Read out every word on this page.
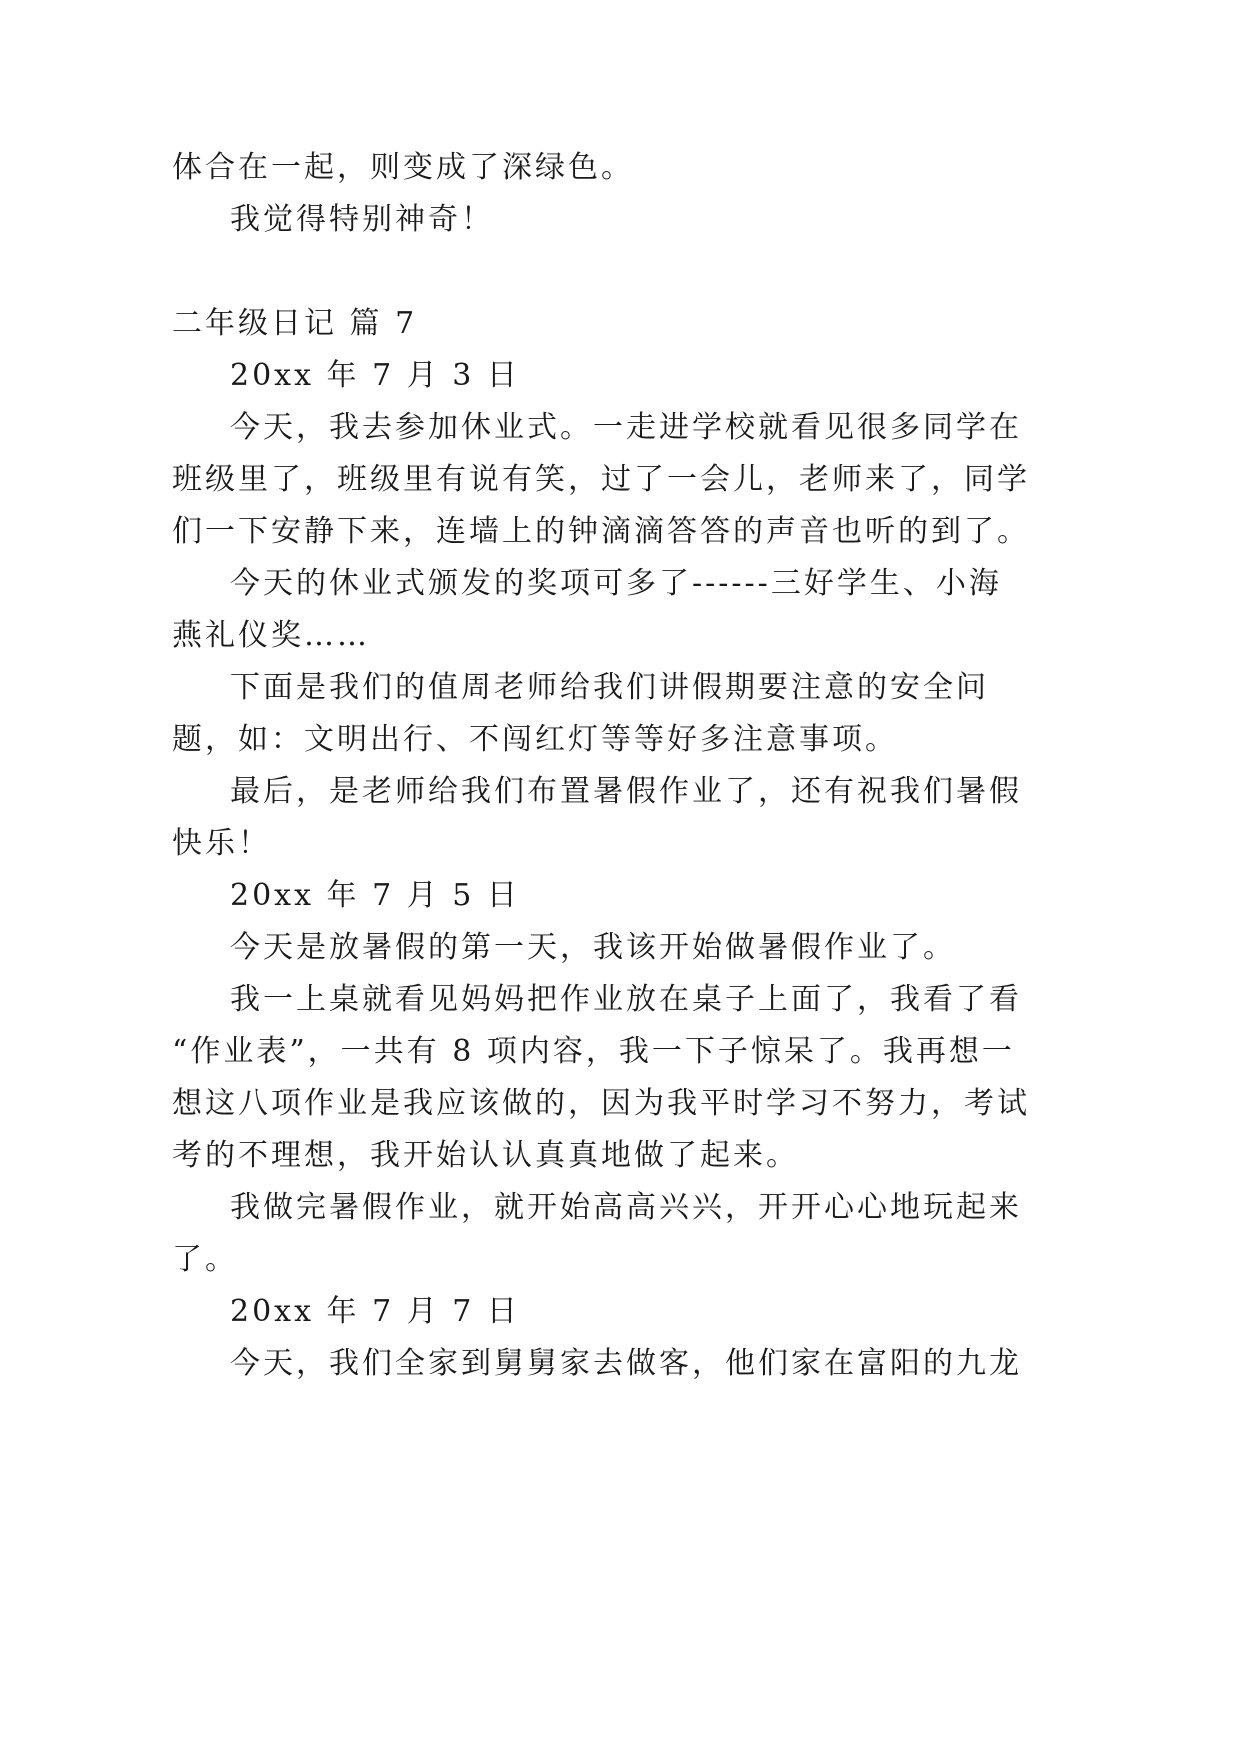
体合在一起，则变成了深绿色。
我觉得特别神奇！
二年级日记 篇 7
20xx 年 7 月 3 日
今天，我去参加休业式。一走进学校就看见很多同学在
班级里了，班级里有说有笑，过了一会儿，老师来了，同学
们一下安静下来，连墙上的钟滴滴答答的声音也听的到了。
今天的休业式颁发的奖项可多了------三好学生、小海
燕礼仪奖……
下面是我们的值周老师给我们讲假期要注意的安全问
题，如：文明出行、不闯红灯等等好多注意事项。
最后，是老师给我们布置暑假作业了，还有祝我们暑假
快乐！
20xx 年 7 月 5 日
今天是放暑假的第一天，我该开始做暑假作业了。
我一上桌就看见妈妈把作业放在桌子上面了，我看了看
“作业表”，一共有 8 项内容，我一下子惊呆了。我再想一
想这八项作业是我应该做的，因为我平时学习不努力，考试
考的不理想，我开始认认真真地做了起来。
我做完暑假作业，就开始高高兴兴，开开心心地玩起来
了。
20xx 年 7 月 7 日
今天，我们全家到舅舅家去做客，他们家在富阳的九龙
